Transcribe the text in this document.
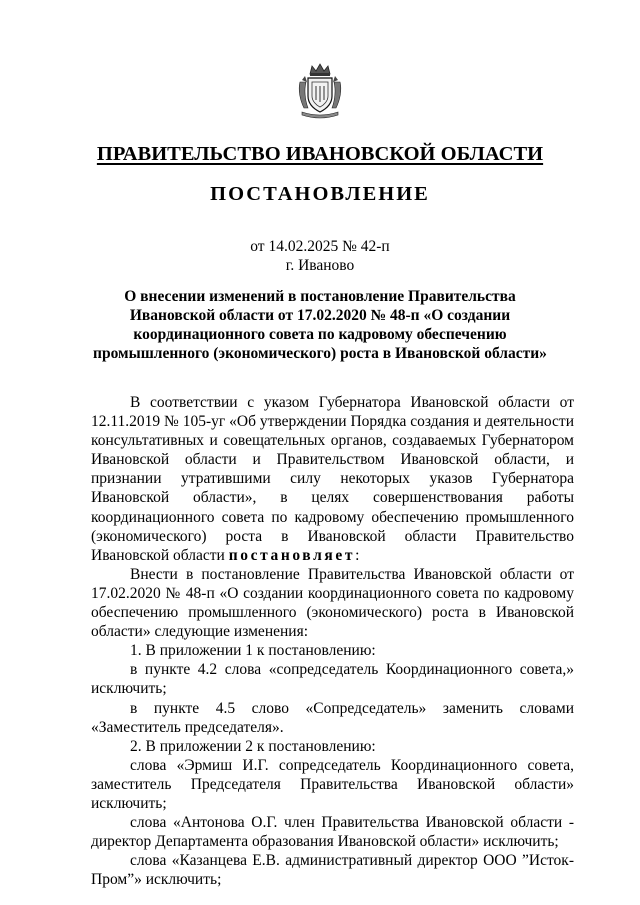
ПРАВИТЕЛЬСТВО ИВАНОВСКОЙ ОБЛАСТИ
ПОСТАНОВЛЕНИЕ
от 14.02.2025 № 42-п
г. Иваново
О внесении изменений в постановление Правительства
Ивановской области от 17.02.2020 № 48-п «О создании
координационного совета по кадровому обеспечению
промышленного (экономического) роста в Ивановской области»

В соответствии с указом Губернатора Ивановской области от 12.11.2019 № 105-уг «Об утверждении Порядка создания и деятельности консультативных и совещательных органов, создаваемых Губернатором Ивановской области и Правительством Ивановской области, и признании утратившими силу некоторых указов Губернатора Ивановской области», в целях совершенствования работы координационного совета по кадровому обеспечению промышленного (экономического) роста в Ивановской области Правительство Ивановской области постановляет:

Внести в постановление Правительства Ивановской области от 17.02.2020 № 48-п «О создании координационного совета по кадровому обеспечению промышленного (экономического) роста в Ивановской области» следующие изменения:

1. В приложении 1 к постановлению:

в пункте 4.2 слова «сопредседатель Координационного совета,» исключить;

в пункте 4.5 слово «Сопредседатель» заменить словами «Заместитель председателя».

2. В приложении 2 к постановлению:

слова «Эрмиш И.Г. сопредседатель Координационного совета, заместитель Председателя Правительства Ивановской области» исключить;

слова «Антонова О.Г. член Правительства Ивановской области - директор Департамента образования Ивановской области» исключить;

слова «Казанцева Е.В. административный директор ООО ”Исток-Пром”» исключить;
